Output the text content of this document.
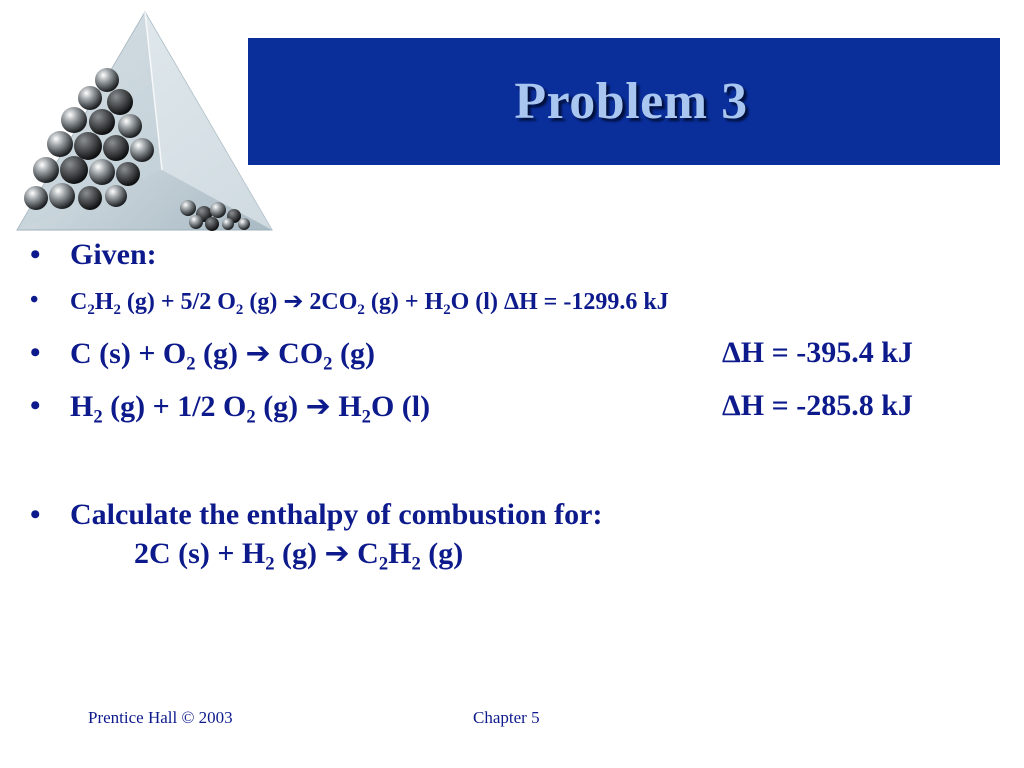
Problem 3
• Given:
•	$C_2H_2$ (g) + 5/2 $O_2$ (g) ➔ $2CO_2$ $(g) + H_2O$ (l) ΔH = -1299.6 kJ
• C $(s) + O_2$ (g) ➔ $CO_2$ (g)	ΔH = -395.4 kJ
• $H_2$ (g) + 1/2 $O_2$ (g) ➔ $H_2O$ (l)	ΔH = -285.8 kJ
• Calculate the enthalpy of combustion for:
2C $(s) + H_2$ (g) ➔ $C_2H_2$ (g)
Prentice Hall © 2003	Chapter 5
